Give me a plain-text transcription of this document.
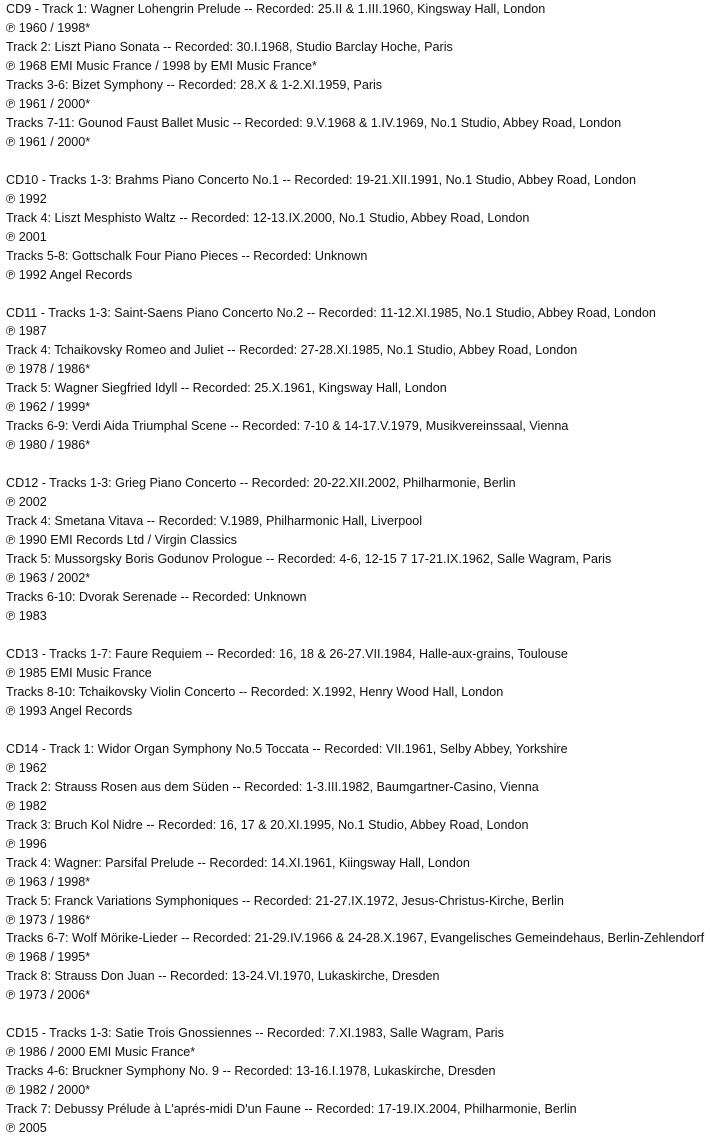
CD9 - Track 1: Wagner Lohengrin Prelude -- Recorded: 25.II & 1.III.1960, Kingsway Hall, London
℗ 1960 / 1998*
Track 2: Liszt Piano Sonata -- Recorded: 30.I.1968, Studio Barclay Hoche, Paris
℗ 1968 EMI Music France / 1998 by EMI Music France*
Tracks 3-6: Bizet Symphony -- Recorded: 28.X & 1-2.XI.1959, Paris
℗ 1961 / 2000*
Tracks 7-11: Gounod Faust Ballet Music -- Recorded: 9.V.1968 & 1.IV.1969, No.1 Studio, Abbey Road, London
℗ 1961 / 2000*
CD10 - Tracks 1-3: Brahms Piano Concerto No.1 -- Recorded: 19-21.XII.1991, No.1 Studio, Abbey Road, London
℗ 1992
Track 4: Liszt Mesphisto Waltz -- Recorded: 12-13.IX.2000, No.1 Studio, Abbey Road, London
℗ 2001
Tracks 5-8: Gottschalk Four Piano Pieces -- Recorded: Unknown
℗ 1992 Angel Records
CD11 - Tracks 1-3: Saint-Saens Piano Concerto No.2 -- Recorded: 11-12.XI.1985, No.1 Studio, Abbey Road, London
℗ 1987
Track 4: Tchaikovsky Romeo and Juliet -- Recorded: 27-28.XI.1985, No.1 Studio, Abbey Road, London
℗ 1978 / 1986*
Track 5: Wagner Siegfried Idyll -- Recorded: 25.X.1961, Kingsway Hall, London
℗ 1962 / 1999*
Tracks 6-9: Verdi Aida Triumphal Scene -- Recorded: 7-10 & 14-17.V.1979, Musikvereinssaal, Vienna
℗ 1980 / 1986*
CD12 - Tracks 1-3: Grieg Piano Concerto -- Recorded: 20-22.XII.2002, Philharmonie, Berlin
℗ 2002
Track 4: Smetana Vitava -- Recorded: V.1989, Philharmonic Hall, Liverpool
℗ 1990 EMI Records Ltd / Virgin Classics
Track 5: Mussorgsky Boris Godunov Prologue -- Recorded: 4-6, 12-15 7 17-21.IX.1962, Salle Wagram, Paris
℗ 1963 / 2002*
Tracks 6-10: Dvorak Serenade -- Recorded: Unknown
℗ 1983
CD13 - Tracks 1-7: Faure Requiem -- Recorded: 16, 18 & 26-27.VII.1984, Halle-aux-grains, Toulouse
℗ 1985 EMI Music France
Tracks 8-10: Tchaikovsky Violin Concerto -- Recorded: X.1992, Henry Wood Hall, London
℗ 1993 Angel Records
CD14 - Track 1: Widor Organ Symphony No.5 Toccata -- Recorded: VII.1961, Selby Abbey, Yorkshire
℗ 1962
Track 2: Strauss Rosen aus dem Süden -- Recorded: 1-3.III.1982, Baumgartner-Casino, Vienna
℗ 1982
Track 3: Bruch Kol Nidre -- Recorded: 16, 17 & 20.XI.1995, No.1 Studio, Abbey Road, London
℗ 1996
Track 4: Wagner: Parsifal Prelude -- Recorded: 14.XI.1961, Kiingsway Hall, London
℗ 1963 / 1998*
Track 5: Franck Variations Symphoniques -- Recorded: 21-27.IX.1972, Jesus-Christus-Kirche, Berlin
℗ 1973 / 1986*
Tracks 6-7: Wolf Mörike-Lieder -- Recorded: 21-29.IV.1966 & 24-28.X.1967, Evangelisches Gemeindehaus, Berlin-Zehlendorf
℗ 1968 / 1995*
Track 8: Strauss Don Juan -- Recorded: 13-24.VI.1970, Lukaskirche, Dresden
℗ 1973 / 2006*
CD15 - Tracks 1-3: Satie Trois Gnossiennes -- Recorded: 7.XI.1983, Salle Wagram, Paris
℗ 1986 / 2000 EMI Music France*
Tracks 4-6: Bruckner Symphony No. 9 -- Recorded: 13-16.I.1978, Lukaskirche, Dresden
℗ 1982 / 2000*
Track 7: Debussy Prélude à L'aprés-midi D'un Faune -- Recorded: 17-19.IX.2004, Philharmonie, Berlin
℗ 2005
